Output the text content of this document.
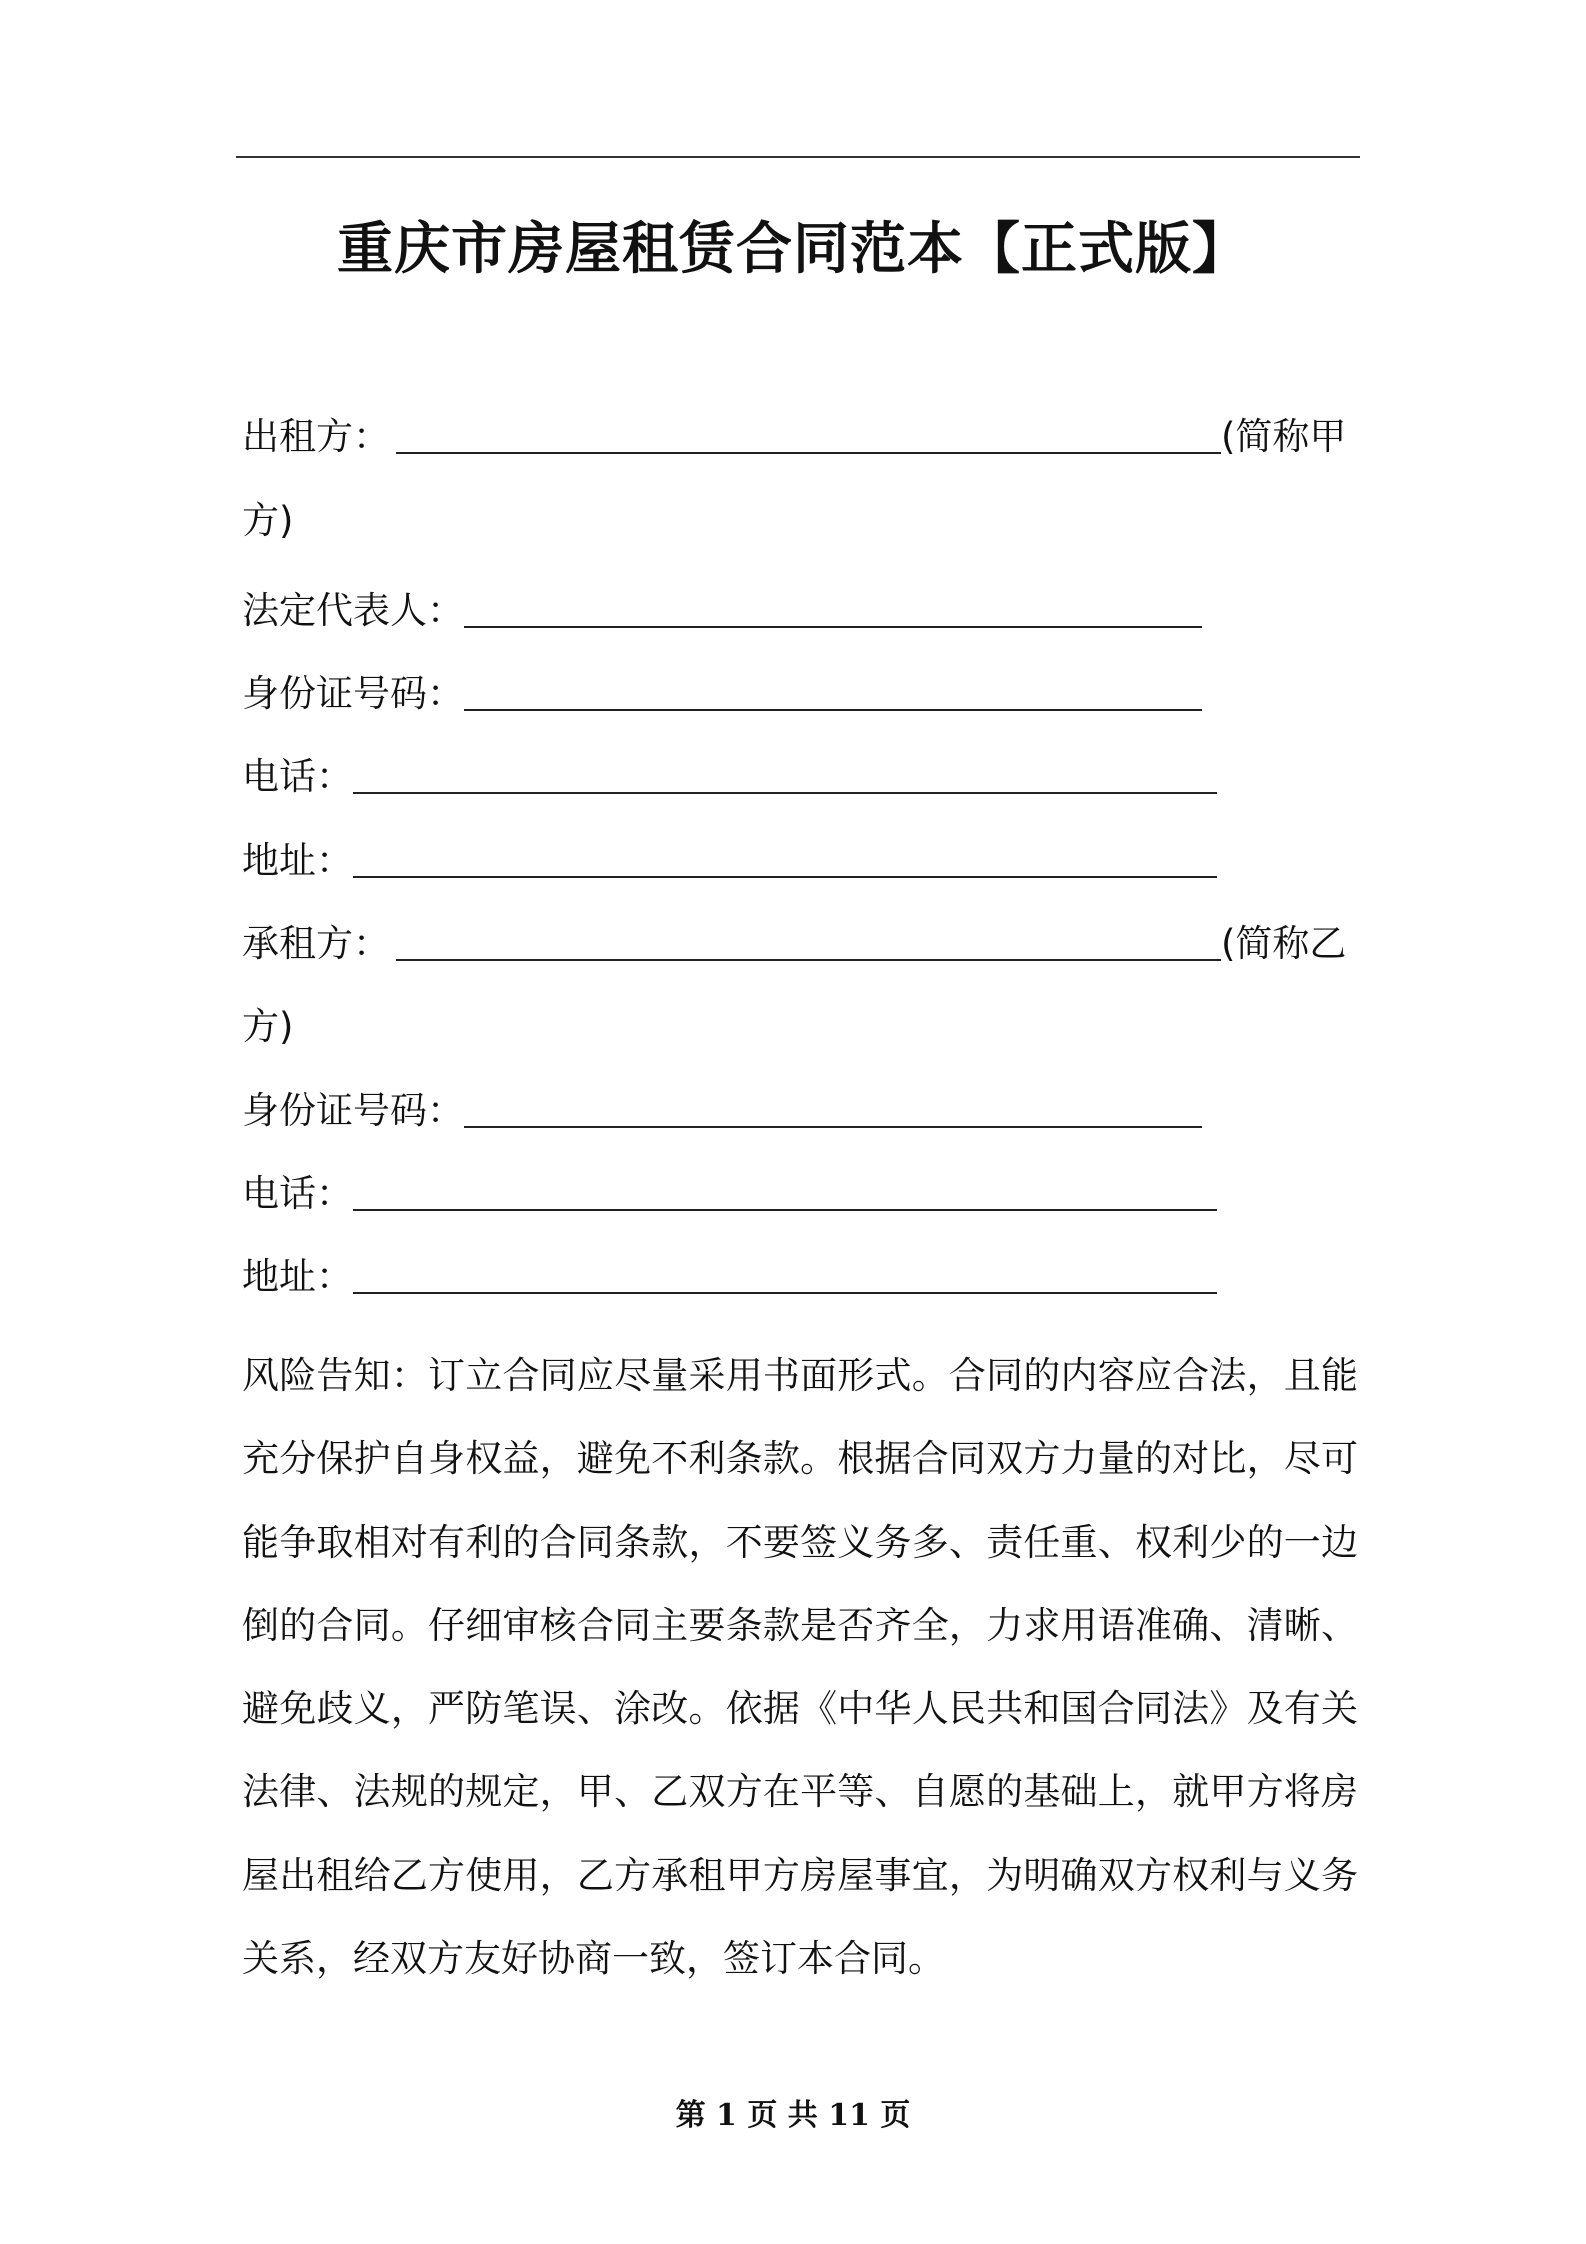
重庆市房屋租赁合同范本【正式版】
出租方：	(简称甲
方)
法定代表人：
身份证号码：
电话：
地址：
承租方：	(简称乙
方)
身份证号码：
电话：
地址：

风险告知：订立合同应尽量采用书面形式。合同的内容应合法，且能充分保护自身权益，避免不利条款。根据合同双方力量的对比，尽可能争取相对有利的合同条款，不要签义务多、责任重、权利少的一边倒的合同。仔细审核合同主要条款是否齐全，力求用语准确、清晰、避免歧义，严防笔误、涂改。依据《中华人民共和国合同法》及有关法律、法规的规定，甲、乙双方在平等、自愿的基础上，就甲方将房屋出租给乙方使用，乙方承租甲方房屋事宜，为明确双方权利与义务关系，经双方友好协商一致，签订本合同。

第 1 页 共 11 页
